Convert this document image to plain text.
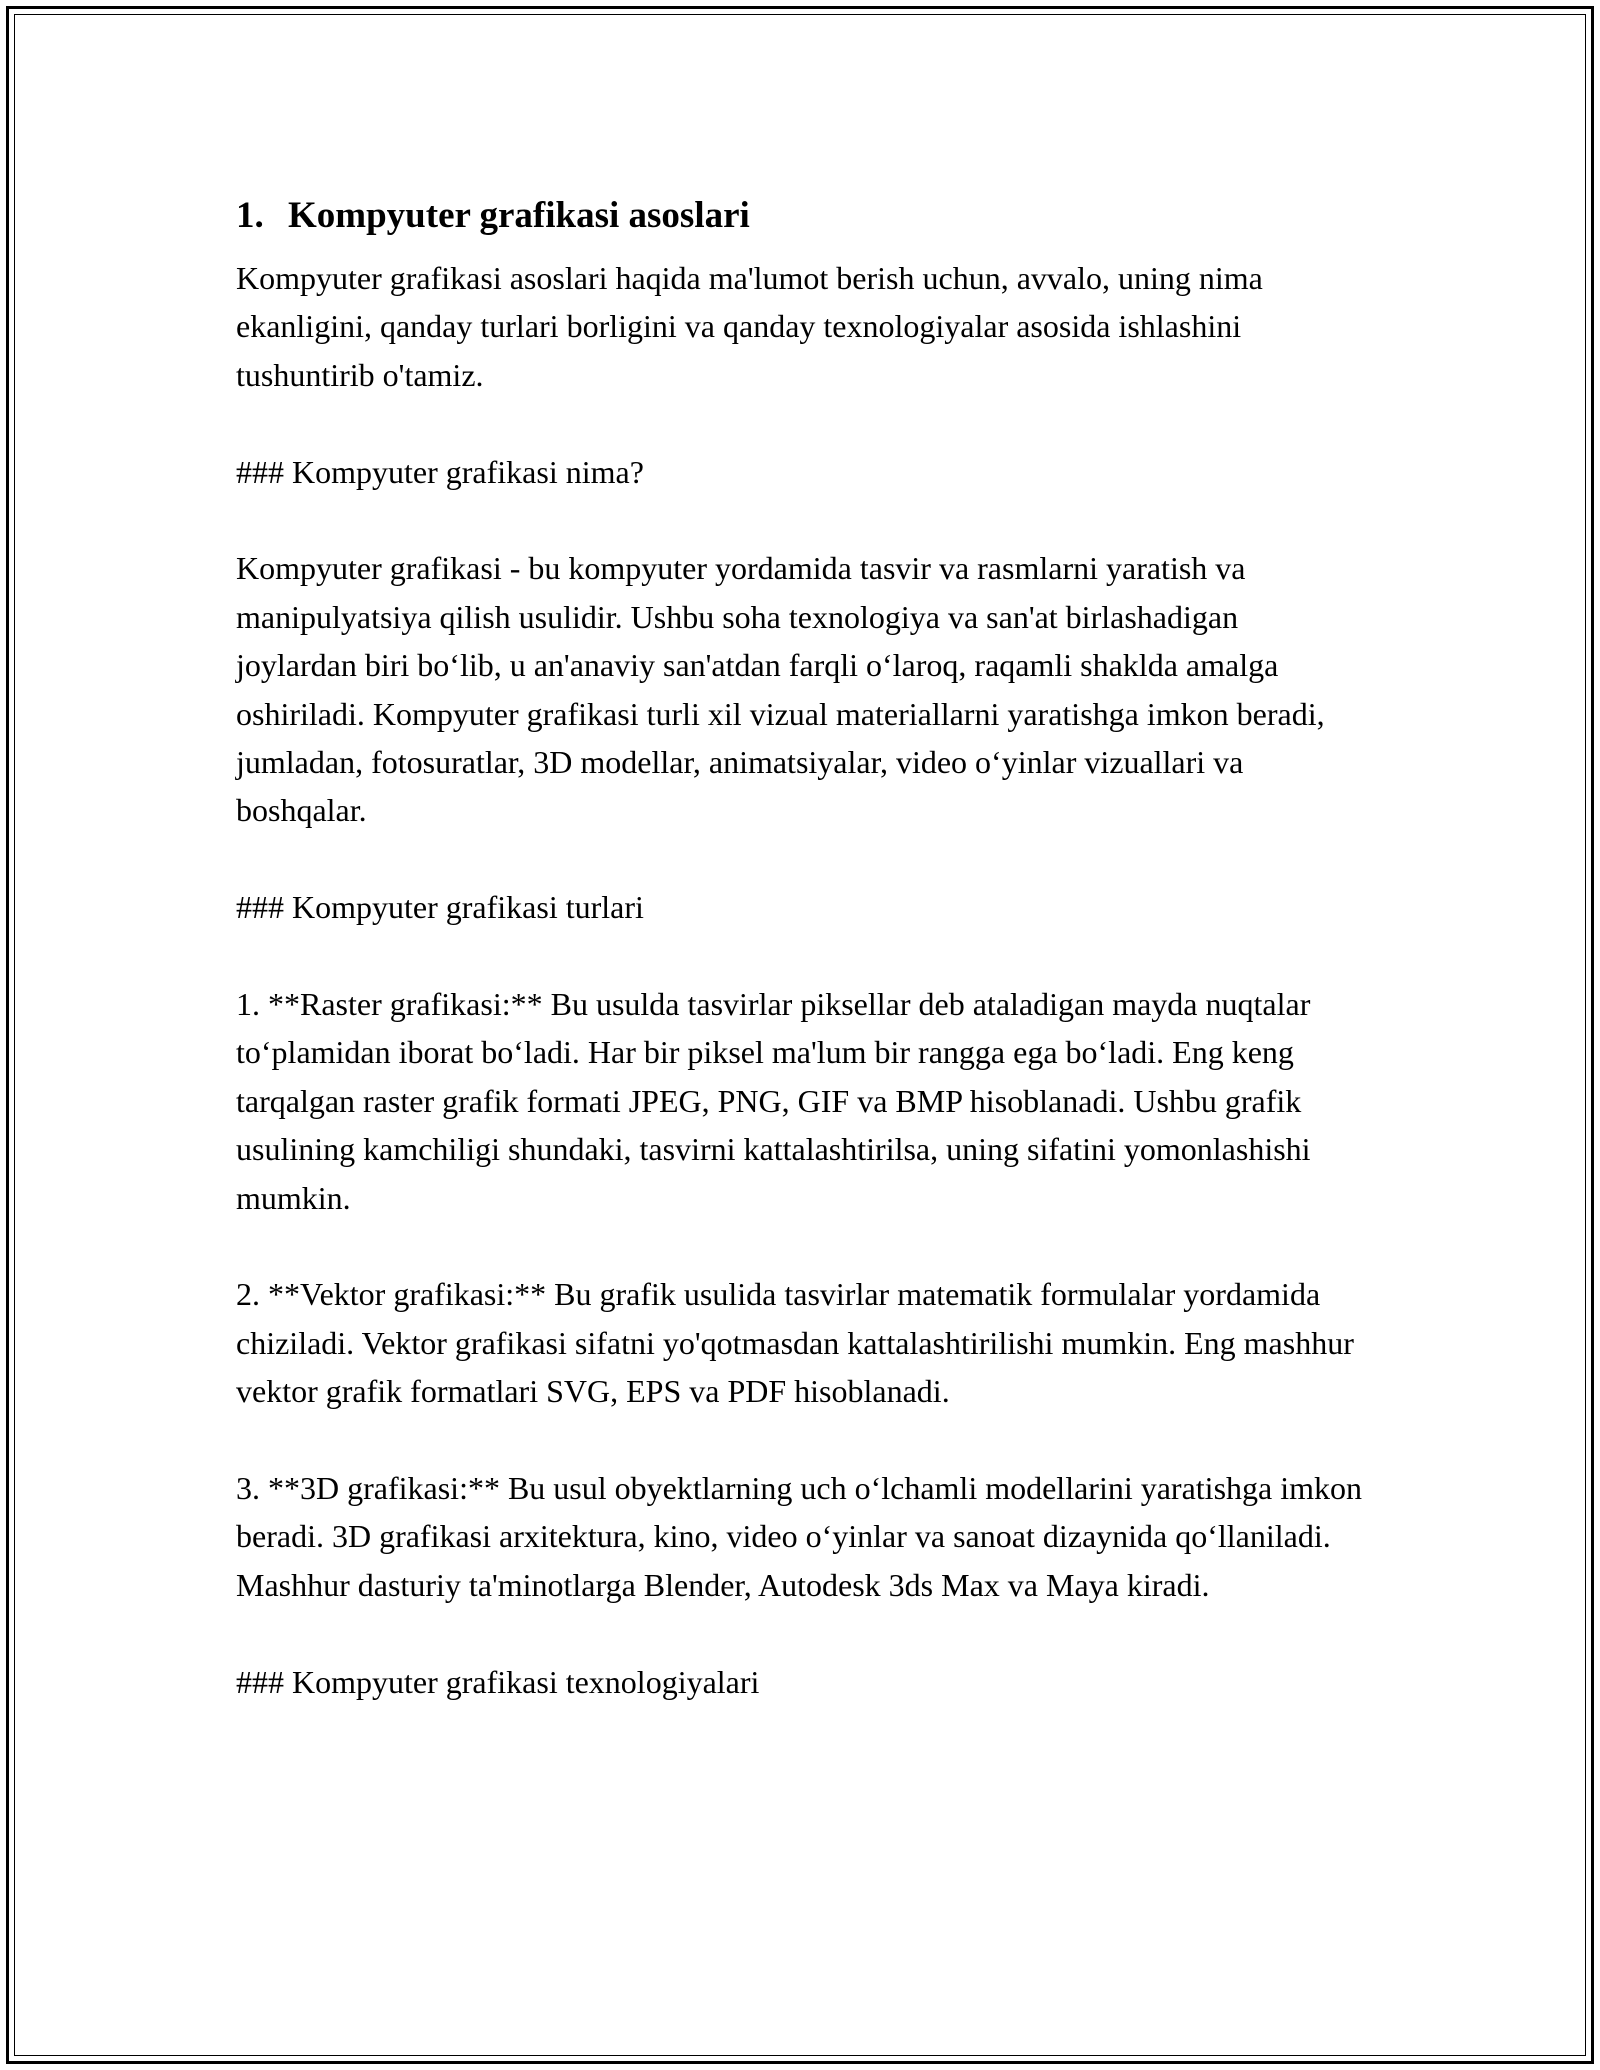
1. Kompyuter grafikasi asoslari

Kompyuter grafikasi asoslari haqida ma'lumot berish uchun, avvalo, uning nima ekanligini, qanday turlari borligini va qanday texnologiyalar asosida ishlashini tushuntirib o'tamiz.

### Kompyuter grafikasi nima?

Kompyuter grafikasi - bu kompyuter yordamida tasvir va rasmlarni yaratish va manipulyatsiya qilish usulidir. Ushbu soha texnologiya va san'at birlashadigan joylardan biri bo‘lib, u an'anaviy san'atdan farqli o‘laroq, raqamli shaklda amalga oshiriladi. Kompyuter grafikasi turli xil vizual materiallarni yaratishga imkon beradi, jumladan, fotosuratlar, 3D modellar, animatsiyalar, video o‘yinlar vizuallari va boshqalar.

### Kompyuter grafikasi turlari

1. **Raster grafikasi:** Bu usulda tasvirlar piksellar deb ataladigan mayda nuqtalar to‘plamidan iborat bo‘ladi. Har bir piksel ma'lum bir rangga ega bo‘ladi. Eng keng tarqalgan raster grafik formati JPEG, PNG, GIF va BMP hisoblanadi. Ushbu grafik usulining kamchiligi shundaki, tasvirni kattalashtirilsa, uning sifatini yomonlashishi mumkin.

2. **Vektor grafikasi:** Bu grafik usulida tasvirlar matematik formulalar yordamida chiziladi. Vektor grafikasi sifatni yo'qotmasdan kattalashtirilishi mumkin. Eng mashhur vektor grafik formatlari SVG, EPS va PDF hisoblanadi.

3. **3D grafikasi:** Bu usul obyektlarning uch o‘lchamli modellarini yaratishga imkon beradi. 3D grafikasi arxitektura, kino, video o‘yinlar va sanoat dizaynida qo‘llaniladi. Mashhur dasturiy ta'minotlarga Blender, Autodesk 3ds Max va Maya kiradi.

### Kompyuter grafikasi texnologiyalari
